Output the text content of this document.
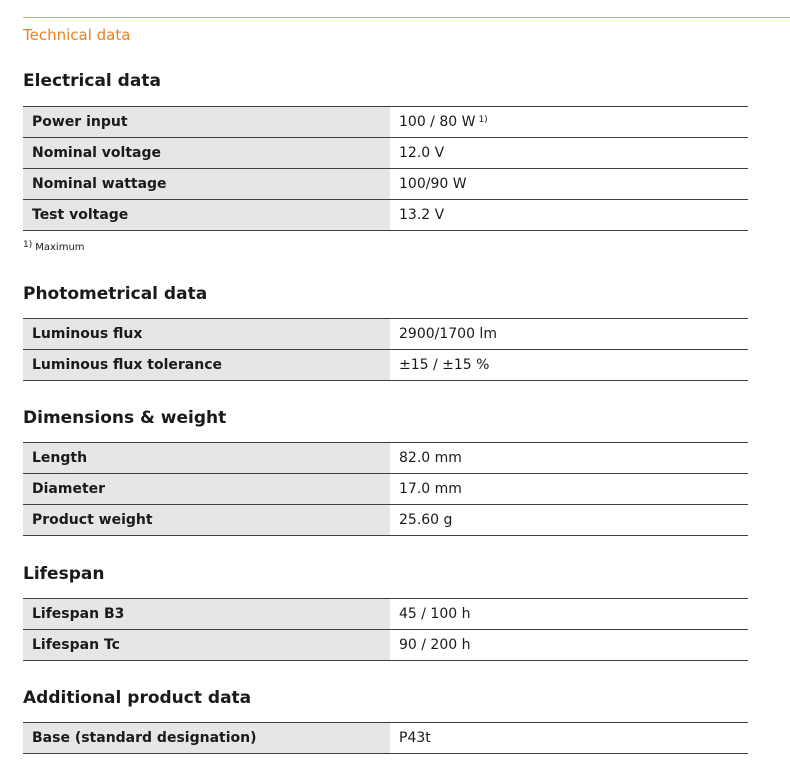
Technical data
Electrical data
Power input	100 / 80 W $^{1)}$
Nominal voltage	12.0 V
Nominal wattage	100/90 W
Test voltage	13.2 V
1) Maximum
Photometrical data
Luminous flux	2900/1700 lm
Luminous flux tolerance	±15 / ±15 %
Dimensions & weight
Length	82.0 mm
Diameter	17.0 mm
Product weight	25.60 g
Lifespan
Lifespan B3	45 / 100 h
Lifespan Tc	90 / 200 h
Additional product data
Base (standard designation)	P43t
